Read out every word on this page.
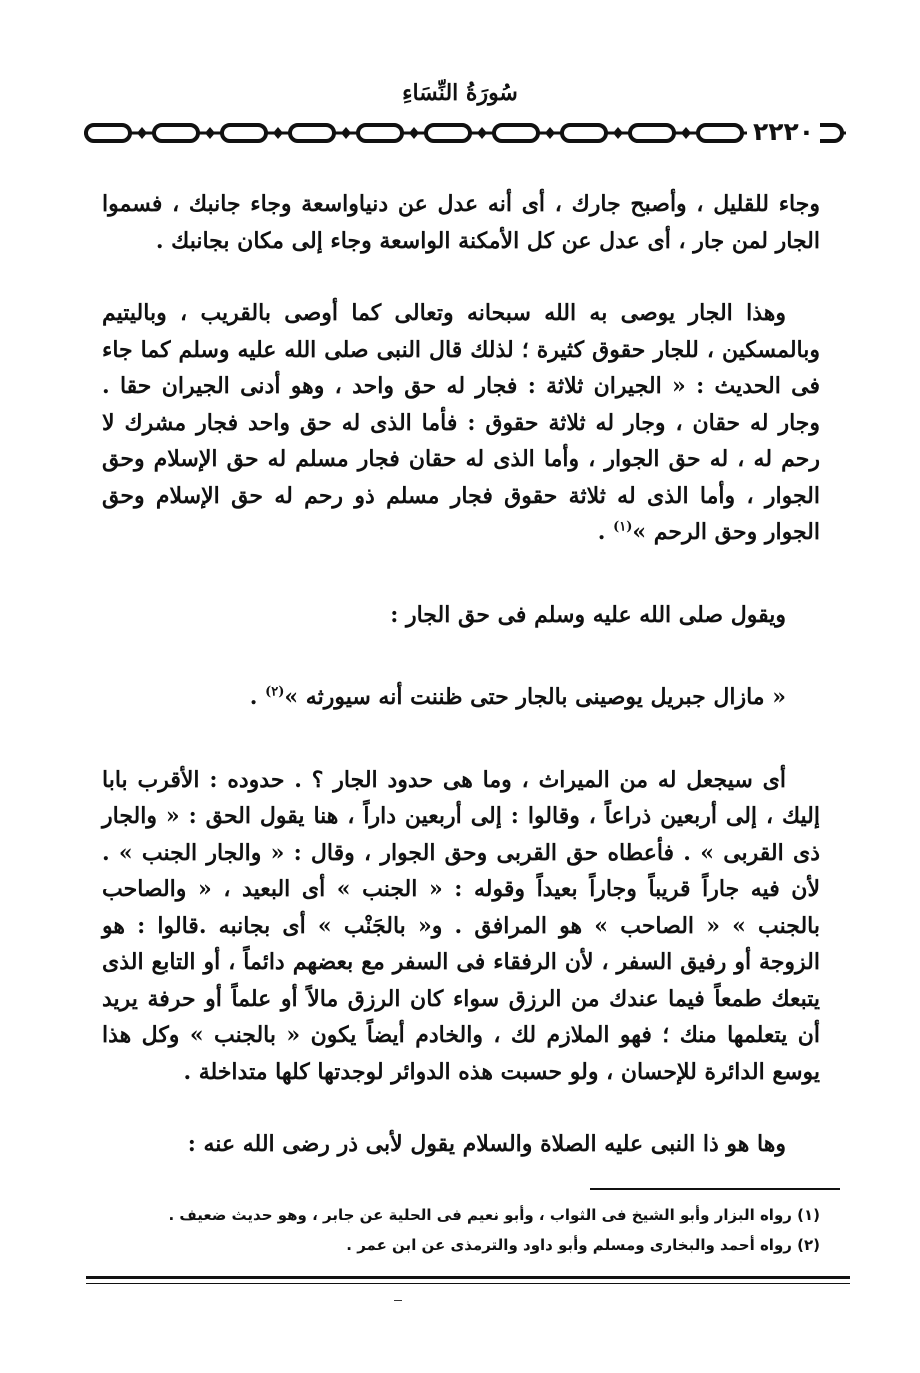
سُورَةُ النِّسَاءِ
٢٢٢٠

وجاء للقليل ، وأصبح جارك ، أى أنه عدل عن دنياواسعة وجاء جانبك ، فسموا الجار لمن جار ، أى عدل عن كل الأمكنة الواسعة وجاء إلى مكان بجانبك .

وهذا الجار يوصى به الله سبحانه وتعالى كما أوصى بالقريب ، وباليتيم وبالمسكين ، للجار حقوق كثيرة ؛ لذلك قال النبى صلى الله عليه وسلم كما جاء فى الحديث : « الجيران ثلاثة : فجار له حق واحد ، وهو أدنى الجيران حقا . وجار له حقان ، وجار له ثلاثة حقوق : فأما الذى له حق واحد فجار مشرك لا رحم له ، له حق الجوار ، وأما الذى له حقان فجار مسلم له حق الإسلام وحق الجوار ، وأما الذى له ثلاثة حقوق فجار مسلم ذو رحم له حق الإسلام وحق الجوار وحق الرحم »$^{(١)}$ .

ويقول صلى الله عليه وسلم فى حق الجار :

« مازال جبريل يوصينى بالجار حتى ظننت أنه سيورثه »$^{(٢)}$ .

أى سيجعل له من الميراث ، وما هى حدود الجار ؟ . حدوده : الأقرب بابا إليك ، إلى أربعين ذراعاً ، وقالوا : إلى أربعين داراً ، هنا يقول الحق : « والجار ذى القربى » . فأعطاه حق القربى وحق الجوار ، وقال : « والجار الجنب » . لأن فيه جاراً قريباً وجاراً بعيداً وقوله : « الجنب » أى البعيد ، « والصاحب بالجنب » « الصاحب » هو المرافق . و« بالجَنْب » أى بجانبه .قالوا : هو الزوجة أو رفيق السفر ، لأن الرفقاء فى السفر مع بعضهم دائماً ، أو التابع الذى يتبعك طمعاً فيما عندك من الرزق سواء كان الرزق مالاً أو علماً أو حرفة يريد أن يتعلمها منك ؛ فهو الملازم لك ، والخادم أيضاً يكون « بالجنب » وكل هذا يوسع الدائرة للإحسان ، ولو حسبت هذه الدوائر لوجدتها كلها متداخلة .

وها هو ذا النبى عليه الصلاة والسلام يقول لأبى ذر رضى الله عنه :

(١) رواه البزار وأبو الشيخ فى الثواب ، وأبو نعيم فى الحلية عن جابر ، وهو حديث ضعيف .

(٢) رواه أحمد والبخارى ومسلم وأبو داود والترمذى عن ابن عمر .
